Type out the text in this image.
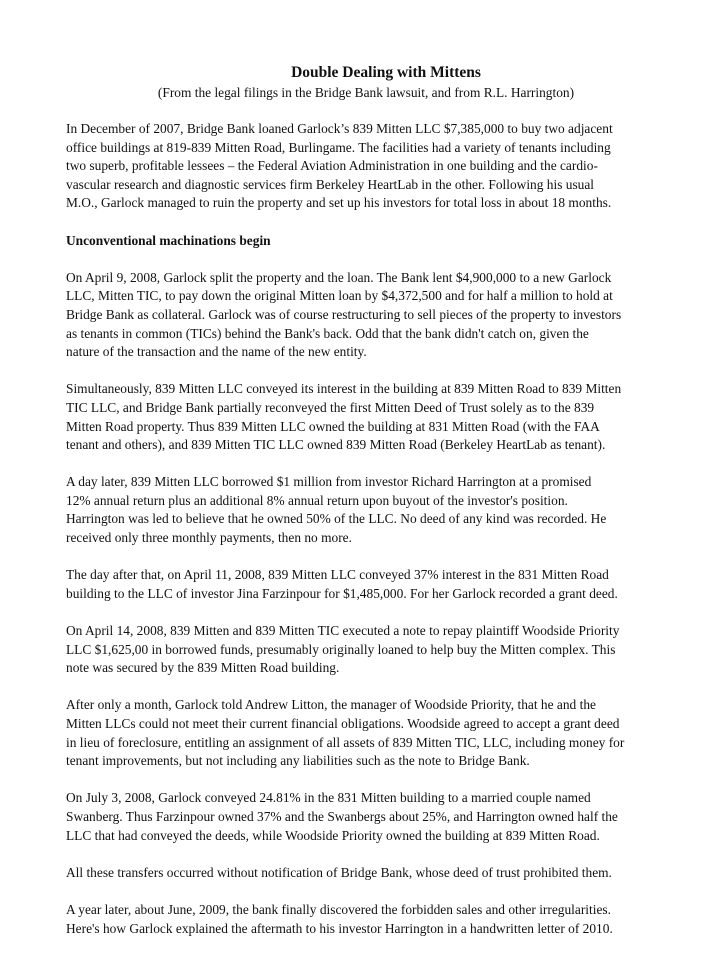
Double Dealing with Mittens
(From the legal filings in the Bridge Bank lawsuit, and from R.L. Harrington)
In December of 2007, Bridge Bank loaned Garlock’s 839 Mitten LLC $7,385,000 to buy two adjacent
office buildings at 819-839 Mitten Road, Burlingame. The facilities had a variety of tenants including
two superb, profitable lessees – the Federal Aviation Administration in one building and the cardio-
vascular research and diagnostic services firm Berkeley HeartLab in the other. Following his usual
M.O., Garlock managed to ruin the property and set up his investors for total loss in about 18 months.
Unconventional machinations begin
On April 9, 2008, Garlock split the property and the loan. The Bank lent $4,900,000 to a new Garlock
LLC, Mitten TIC, to pay down the original Mitten loan by $4,372,500 and for half a million to hold at
Bridge Bank as collateral. Garlock was of course restructuring to sell pieces of the property to investors
as tenants in common (TICs) behind the Bank's back. Odd that the bank didn't catch on, given the
nature of the transaction and the name of the new entity.
Simultaneously, 839 Mitten LLC conveyed its interest in the building at 839 Mitten Road to 839 Mitten
TIC LLC, and Bridge Bank partially reconveyed the first Mitten Deed of Trust solely as to the 839
Mitten Road property. Thus 839 Mitten LLC owned the building at 831 Mitten Road (with the FAA
tenant and others), and 839 Mitten TIC LLC owned 839 Mitten Road (Berkeley HeartLab as tenant).
A day later, 839 Mitten LLC borrowed $1 million from investor Richard Harrington at a promised
12% annual return plus an additional 8% annual return upon buyout of the investor's position.
Harrington was led to believe that he owned 50% of the LLC. No deed of any kind was recorded. He
received only three monthly payments, then no more.
The day after that, on April 11, 2008, 839 Mitten LLC conveyed 37% interest in the 831 Mitten Road
building to the LLC of investor Jina Farzinpour for $1,485,000. For her Garlock recorded a grant deed.
On April 14, 2008, 839 Mitten and 839 Mitten TIC executed a note to repay plaintiff Woodside Priority
LLC $1,625,00 in borrowed funds, presumably originally loaned to help buy the Mitten complex. This
note was secured by the 839 Mitten Road building.
After only a month, Garlock told Andrew Litton, the manager of Woodside Priority, that he and the
Mitten LLCs could not meet their current financial obligations. Woodside agreed to accept a grant deed
in lieu of foreclosure, entitling an assignment of all assets of 839 Mitten TIC, LLC, including money for
tenant improvements, but not including any liabilities such as the note to Bridge Bank.
On July 3, 2008, Garlock conveyed 24.81% in the 831 Mitten building to a married couple named
Swanberg. Thus Farzinpour owned 37% and the Swanbergs about 25%, and Harrington owned half the
LLC that had conveyed the deeds, while Woodside Priority owned the building at 839 Mitten Road.
All these transfers occurred without notification of Bridge Bank, whose deed of trust prohibited them.
A year later, about June, 2009, the bank finally discovered the forbidden sales and other irregularities.
Here's how Garlock explained the aftermath to his investor Harrington in a handwritten letter of 2010.
